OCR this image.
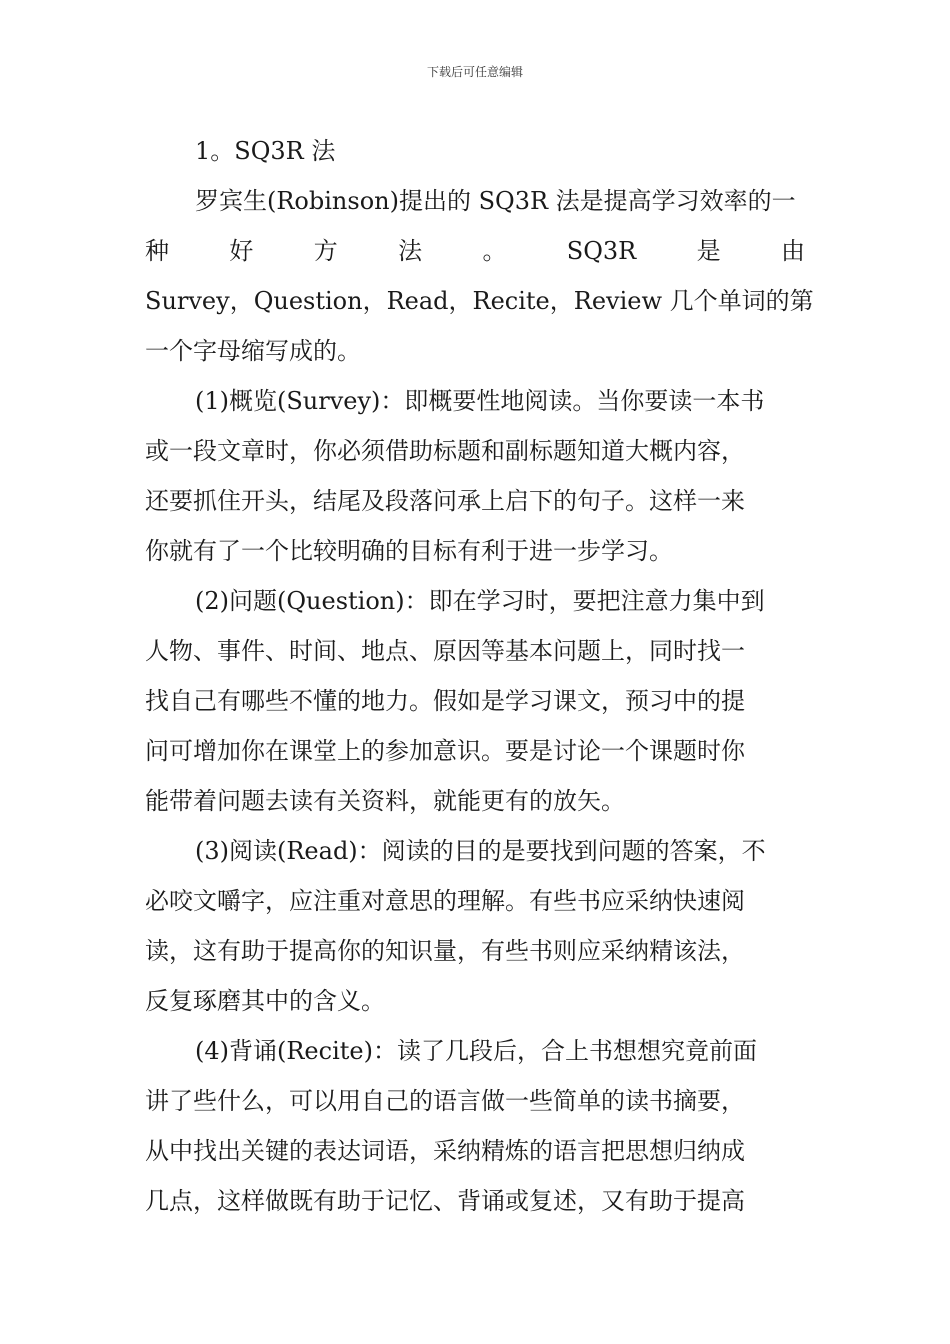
下载后可任意编辑
1。SQ3R 法
罗宾生(Robinson)提出的 SQ3R 法是提高学习效率的一
种	好	方	法	。	SQ3R	是	由
Survey，Question，Read，Recite，Review 几个单词的第
一个字母缩写成的。
(1)概览(Survey)：即概要性地阅读。当你要读一本书
或一段文章时，你必须借助标题和副标题知道大概内容，
还要抓住开头，结尾及段落问承上启下的句子。这样一来
你就有了一个比较明确的目标有利于进一步学习。
(2)问题(Question)：即在学习时，要把注意力集中到
人物、事件、时间、地点、原因等基本问题上，同时找一
找自己有哪些不懂的地力。假如是学习课文，预习中的提
问可增加你在课堂上的参加意识。要是讨论一个课题时你
能带着问题去读有关资料，就能更有的放矢。
(3)阅读(Read)：阅读的目的是要找到问题的答案，不
必咬文嚼字，应注重对意思的理解。有些书应采纳快速阅
读，这有助于提高你的知识量，有些书则应采纳精该法，
反复琢磨其中的含义。
(4)背诵(Recite)：读了几段后，合上书想想究竟前面
讲了些什么，可以用自己的语言做一些简单的读书摘要，
从中找出关键的表达词语，采纳精炼的语言把思想归纳成
几点，这样做既有助于记忆、背诵或复述，又有助于提高
